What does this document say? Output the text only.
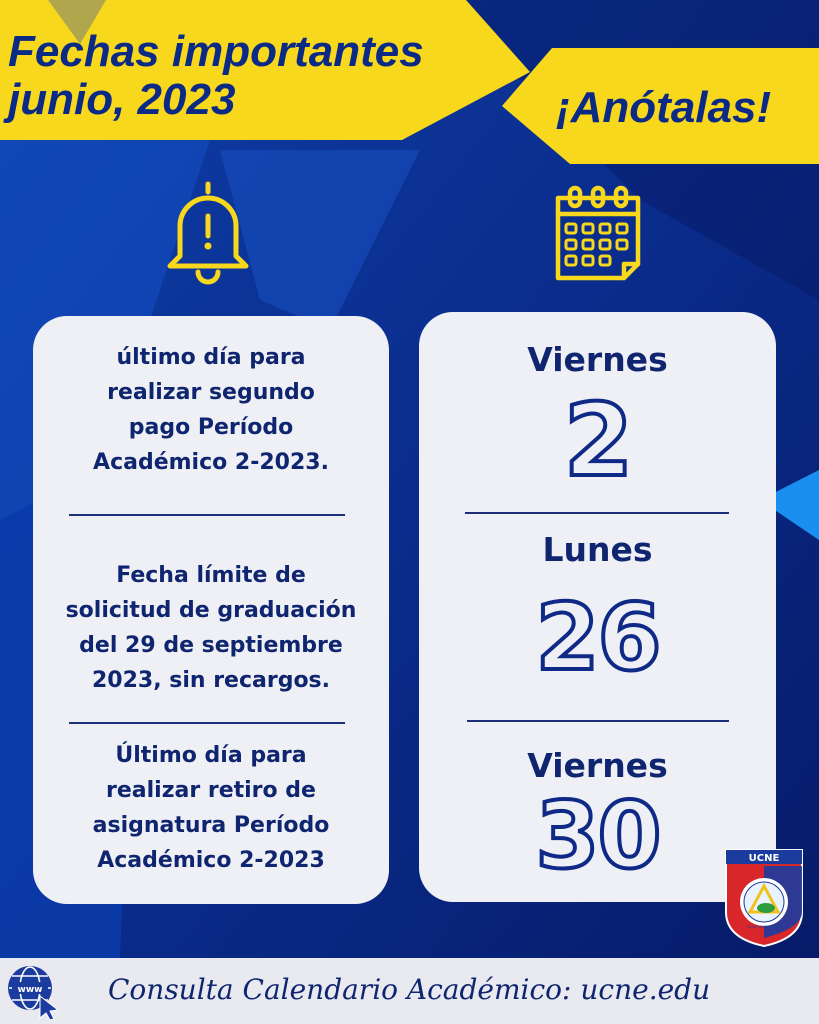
Fechas importantes
junio, 2023	¡Anótalas!
último día para
realizar segundo
pago Período
Académico 2-2023.
Fecha límite de
solicitud de graduación
del 29 de septiembre
2023, sin recargos.
Último día para
realizar retiro de
asignatura Período
Académico 2-2023
Viernes
2
Lunes
26
Viernes
30	UCNE
16 DE MARZO 1978
www Consulta Calendario Académico: ucne.edu
